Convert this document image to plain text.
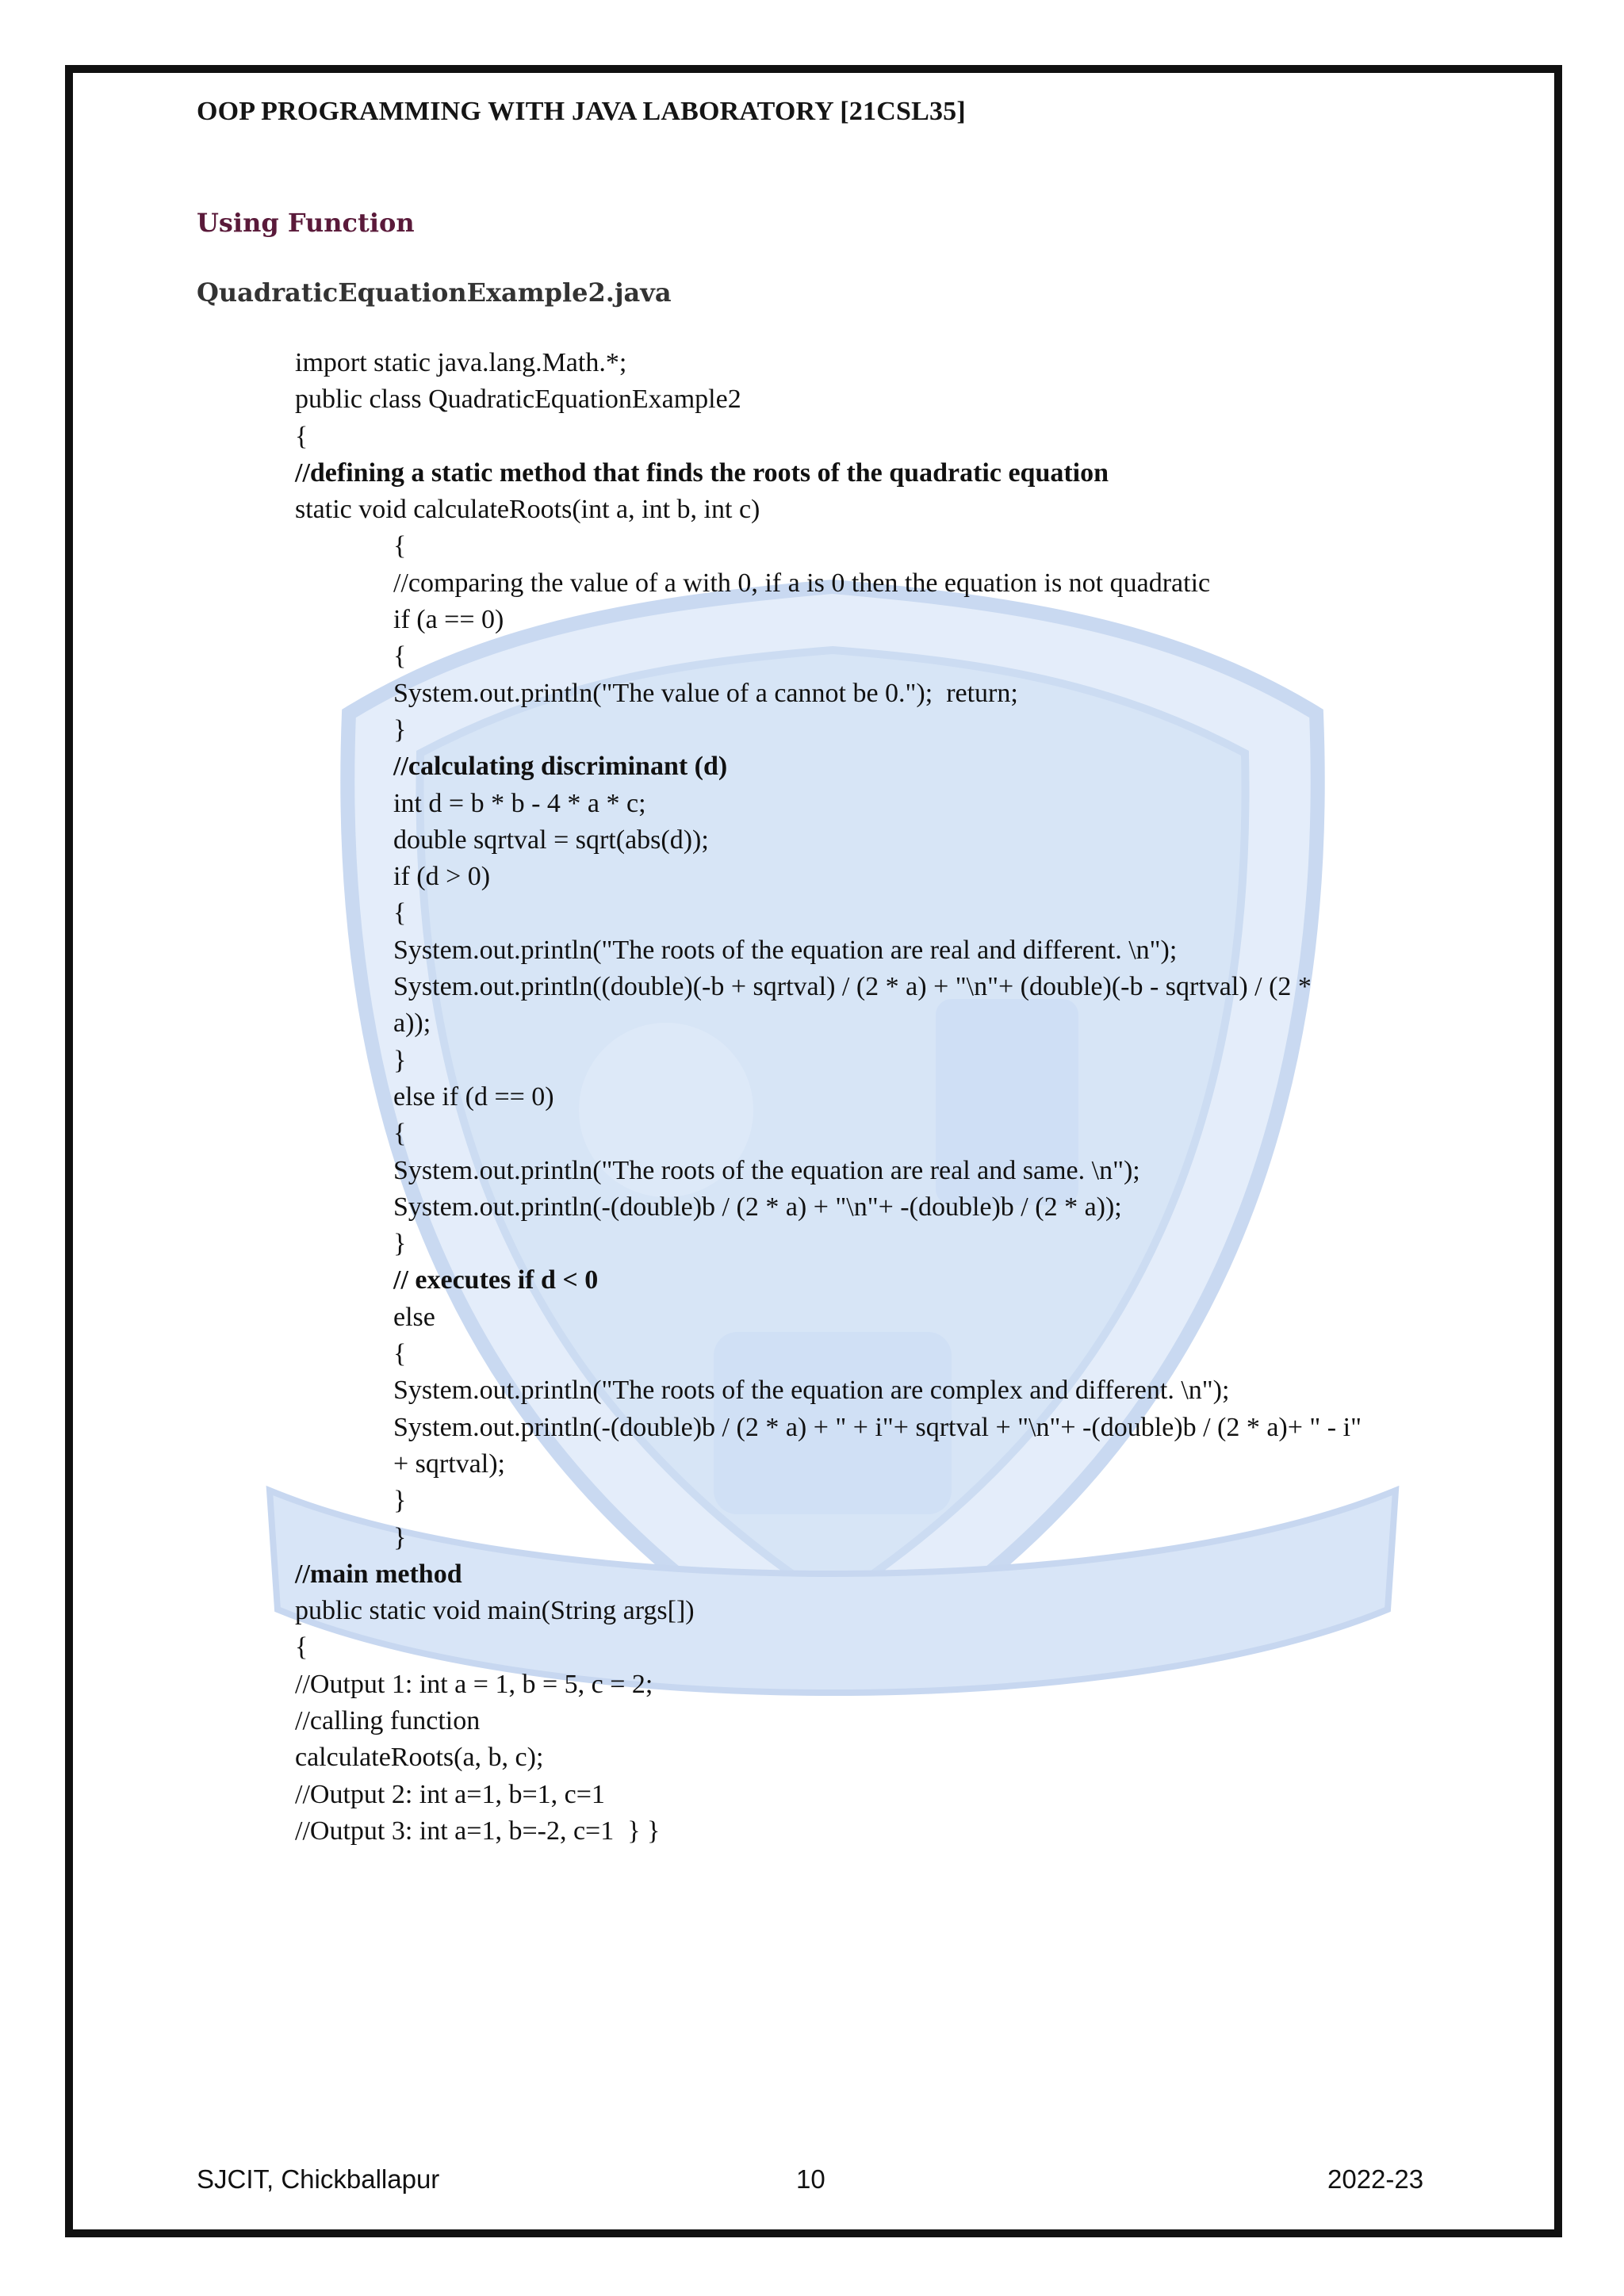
OOP PROGRAMMING WITH JAVA LABORATORY [21CSL35]
Using Function
QuadraticEquationExample2.java
import static java.lang.Math.*;
public class QuadraticEquationExample2
{
//defining a static method that finds the roots of the quadratic equation
static void calculateRoots(int a, int b, int c)
{
//comparing the value of a with 0, if a is 0 then the equation is not quadratic
if (a == 0)
{
System.out.println("The value of a cannot be 0.");  return;
}
//calculating discriminant (d)
int d = b * b - 4 * a * c;
double sqrtval = sqrt(abs(d));
if (d > 0)
{
System.out.println("The roots of the equation are real and different. \n");
System.out.println((double)(-b + sqrtval) / (2 * a) + "\n"+ (double)(-b - sqrtval) / (2 *
a));
}
else if (d == 0)
{
System.out.println("The roots of the equation are real and same. \n");
System.out.println(-(double)b / (2 * a) + "\n"+ -(double)b / (2 * a));
}
// executes if d < 0
else
{
System.out.println("The roots of the equation are complex and different. \n");
System.out.println(-(double)b / (2 * a) + " + i"+ sqrtval + "\n"+ -(double)b / (2 * a)+ " - i"
+ sqrtval);
}
}
//main method
public static void main(String args[])
{
//Output 1: int a = 1, b = 5, c = 2;
//calling function
calculateRoots(a, b, c);
//Output 2: int a=1, b=1, c=1
//Output 3: int a=1, b=-2, c=1  } }
SJCIT, Chickballapur	10	2022-23
